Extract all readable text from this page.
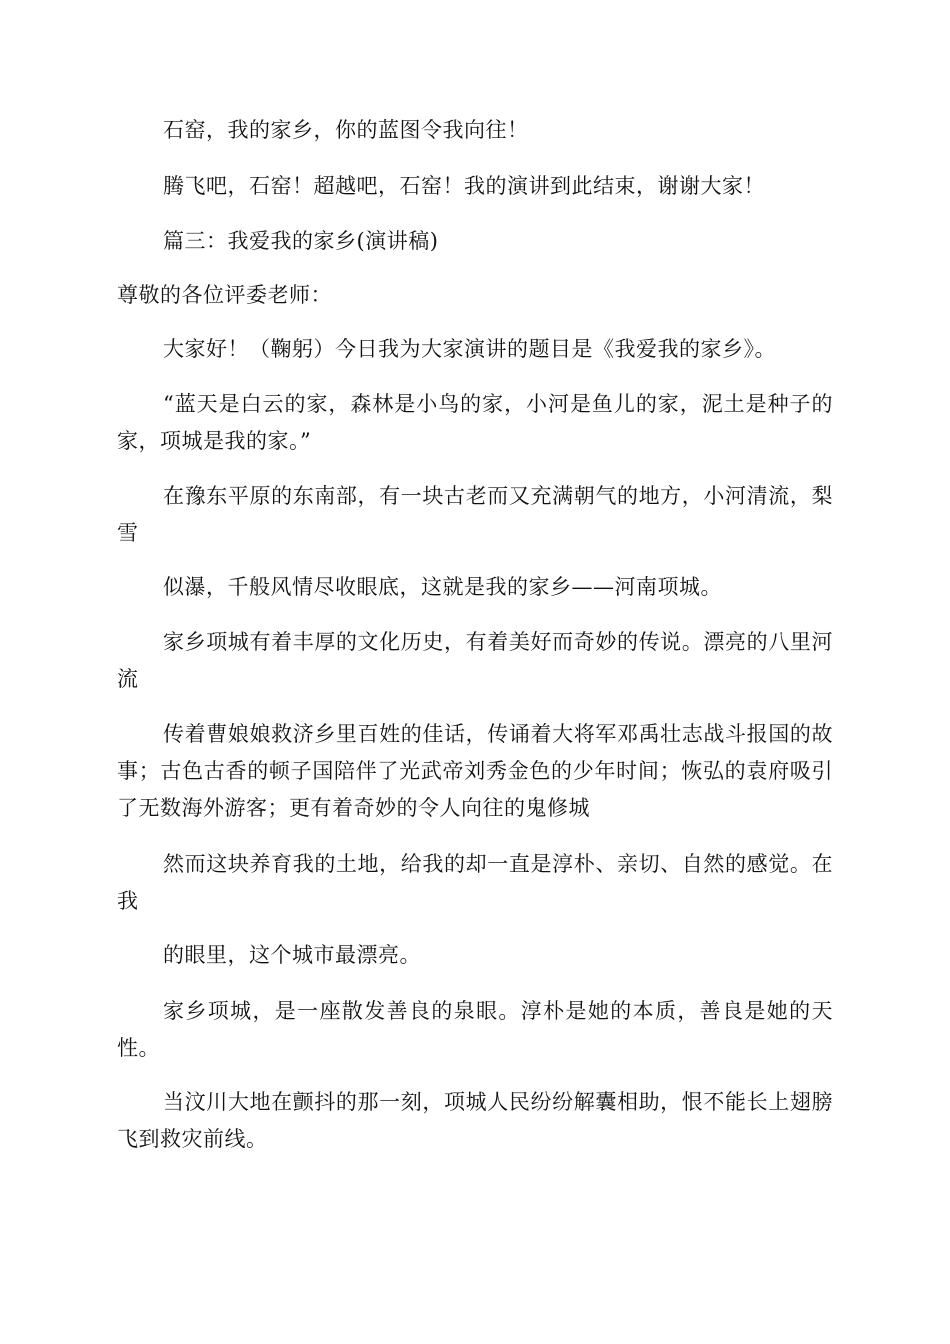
石窑，我的家乡，你的蓝图令我向往！

腾飞吧，石窑！超越吧，石窑！我的演讲到此结束，谢谢大家！

篇三：我爱我的家乡(演讲稿)

尊敬的各位评委老师：

大家好！（鞠躬）今日我为大家演讲的题目是《我爱我的家乡》。

“蓝天是白云的家，森林是小鸟的家，小河是鱼儿的家，泥土是种子的家，项城是我的家。”

在豫东平原的东南部，有一块古老而又充满朝气的地方，小河清流，梨雪

似瀑，千般风情尽收眼底，这就是我的家乡——河南项城。

家乡项城有着丰厚的文化历史，有着美好而奇妙的传说。漂亮的八里河流

传着曹娘娘救济乡里百姓的佳话，传诵着大将军邓禹壮志战斗报国的故事；古色古香的顿子国陪伴了光武帝刘秀金色的少年时间；恢弘的袁府吸引了无数海外游客；更有着奇妙的令人向往的鬼修城

然而这块养育我的土地，给我的却一直是淳朴、亲切、自然的感觉。在我

的眼里，这个城市最漂亮。

家乡项城，是一座散发善良的泉眼。淳朴是她的本质，善良是她的天性。

当汶川大地在颤抖的那一刻，项城人民纷纷解囊相助，恨不能长上翅膀飞到救灾前线。
